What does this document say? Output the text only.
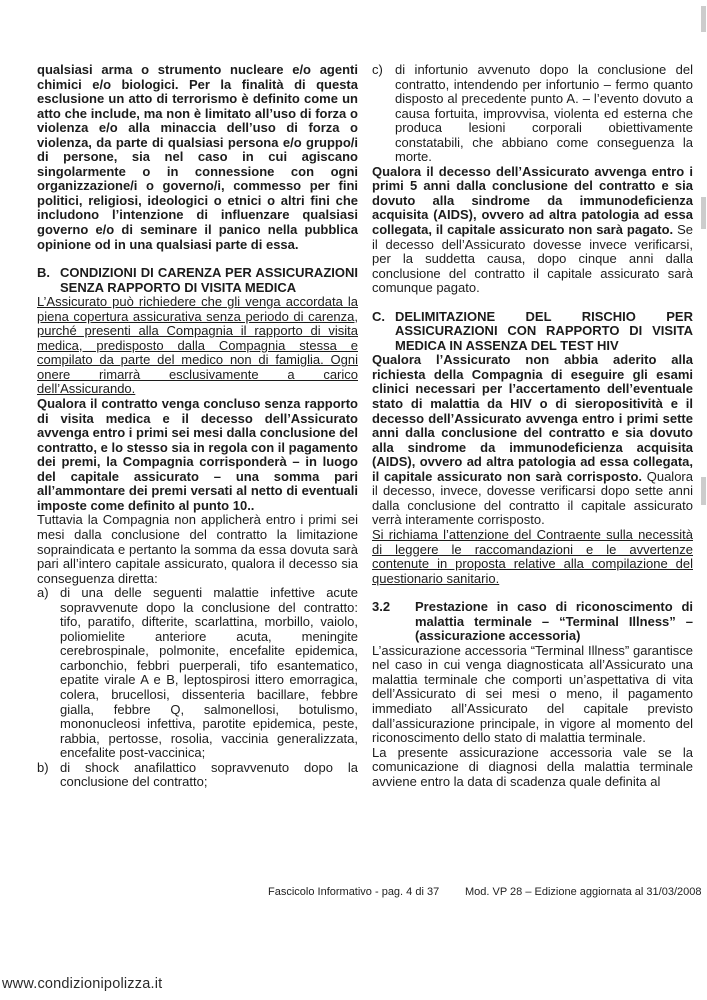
qualsiasi arma o strumento nucleare e/o agenti chimici e/o biologici. Per la finalità di questa esclusione un atto di terrorismo è definito come un atto che include, ma non è limitato all’uso di forza o violenza e/o alla minaccia dell’uso di forza o violenza, da parte di qualsiasi persona e/o gruppo/i di persone, sia nel caso in cui agiscano singolarmente o in connessione con ogni organizzazione/i o governo/i, commesso per fini politici, religiosi, ideologici o etnici o altri fini che includono l’intenzione di influenzare qualsiasi governo e/o di seminare il panico nella pubblica opinione od in una qualsiasi parte di essa.

B. CONDIZIONI DI CARENZA PER ASSICURAZIONI SENZA RAPPORTO DI VISITA MEDICA

L’Assicurato può richiedere che gli venga accordata la piena copertura assicurativa senza periodo di carenza, purché presenti alla Compagnia il rapporto di visita medica, predisposto dalla Compagnia stessa e compilato da parte del medico non di famiglia. Ogni onere rimarrà esclusivamente a carico dell’Assicurando.

Qualora il contratto venga concluso senza rapporto di visita medica e il decesso dell’Assicurato avvenga entro i primi sei mesi dalla conclusione del contratto, e lo stesso sia in regola con il pagamento dei premi, la Compagnia corrisponderà – in luogo del capitale assicurato – una somma pari all’ammontare dei premi versati al netto di eventuali imposte come definito al punto 10..

Tuttavia la Compagnia non applicherà entro i primi sei mesi dalla conclusione del contratto la limitazione sopraindicata e pertanto la somma da essa dovuta sarà pari all’intero capitale assicurato, qualora il decesso sia conseguenza diretta:

a) di una delle seguenti malattie infettive acute sopravvenute dopo la conclusione del contratto: tifo, paratifo, difterite, scarlattina, morbillo, vaiolo, poliomielite anteriore acuta, meningite cerebrospinale, polmonite, encefalite epidemica, carbonchio, febbri puerperali, tifo esantematico, epatite virale A e B, leptospirosi ittero emorragica, colera, brucellosi, dissenteria bacillare, febbre gialla, febbre Q, salmonellosi, botulismo, mononucleosi infettiva, parotite epidemica, peste, rabbia, pertosse, rosolia, vaccinia generalizzata, encefalite post-vaccinica;
b) di shock anafilattico sopravvenuto dopo la conclusione del contratto;
c) di infortunio avvenuto dopo la conclusione del contratto, intendendo per infortunio – fermo quanto disposto al precedente punto A. – l’evento dovuto a causa fortuita, improvvisa, violenta ed esterna che produca lesioni corporali obiettivamente constatabili, che abbiano come conseguenza la morte.

Qualora il decesso dell’Assicurato avvenga entro i primi 5 anni dalla conclusione del contratto e sia dovuto alla sindrome da immunodeficienza acquisita (AIDS), ovvero ad altra patologia ad essa collegata, il capitale assicurato non sarà pagato. Se il decesso dell’Assicurato dovesse invece verificarsi, per la suddetta causa, dopo cinque anni dalla conclusione del contratto il capitale assicurato sarà comunque pagato.

C. DELIMITAZIONE DEL RISCHIO PER ASSICURAZIONI CON RAPPORTO DI VISITA MEDICA IN ASSENZA DEL TEST HIV

Qualora l’Assicurato non abbia aderito alla richiesta della Compagnia di eseguire gli esami clinici necessari per l’accertamento dell’eventuale stato di malattia da HIV o di sieropositività e il decesso dell’Assicurato avvenga entro i primi sette anni dalla conclusione del contratto e sia dovuto alla sindrome da immunodeficienza acquisita (AIDS), ovvero ad altra patologia ad essa collegata, il capitale assicurato non sarà corrisposto. Qualora il decesso, invece, dovesse verificarsi dopo sette anni dalla conclusione del contratto il capitale assicurato verrà interamente corrisposto.

Si richiama l’attenzione del Contraente sulla necessità di leggere le raccomandazioni e le avvertenze contenute in proposta relative alla compilazione del questionario sanitario.

3.2 Prestazione in caso di riconoscimento di malattia terminale – “Terminal Illness” – (assicurazione accessoria)

L’assicurazione accessoria “Terminal Illness” garantisce nel caso in cui venga diagnosticata all’Assicurato una malattia terminale che comporti un’aspettativa di vita dell’Assicurato di sei mesi o meno, il pagamento immediato all’Assicurato del capitale previsto dall’assicurazione principale, in vigore al momento del riconoscimento dello stato di malattia terminale.

La presente assicurazione accessoria vale se la comunicazione di diagnosi della malattia terminale avviene entro la data di scadenza quale definita al

Fascicolo Informativo - pag. 4 di 37 Mod. VP 28 – Edizione aggiornata al 31/03/2008
www.condizionipolizza.it
